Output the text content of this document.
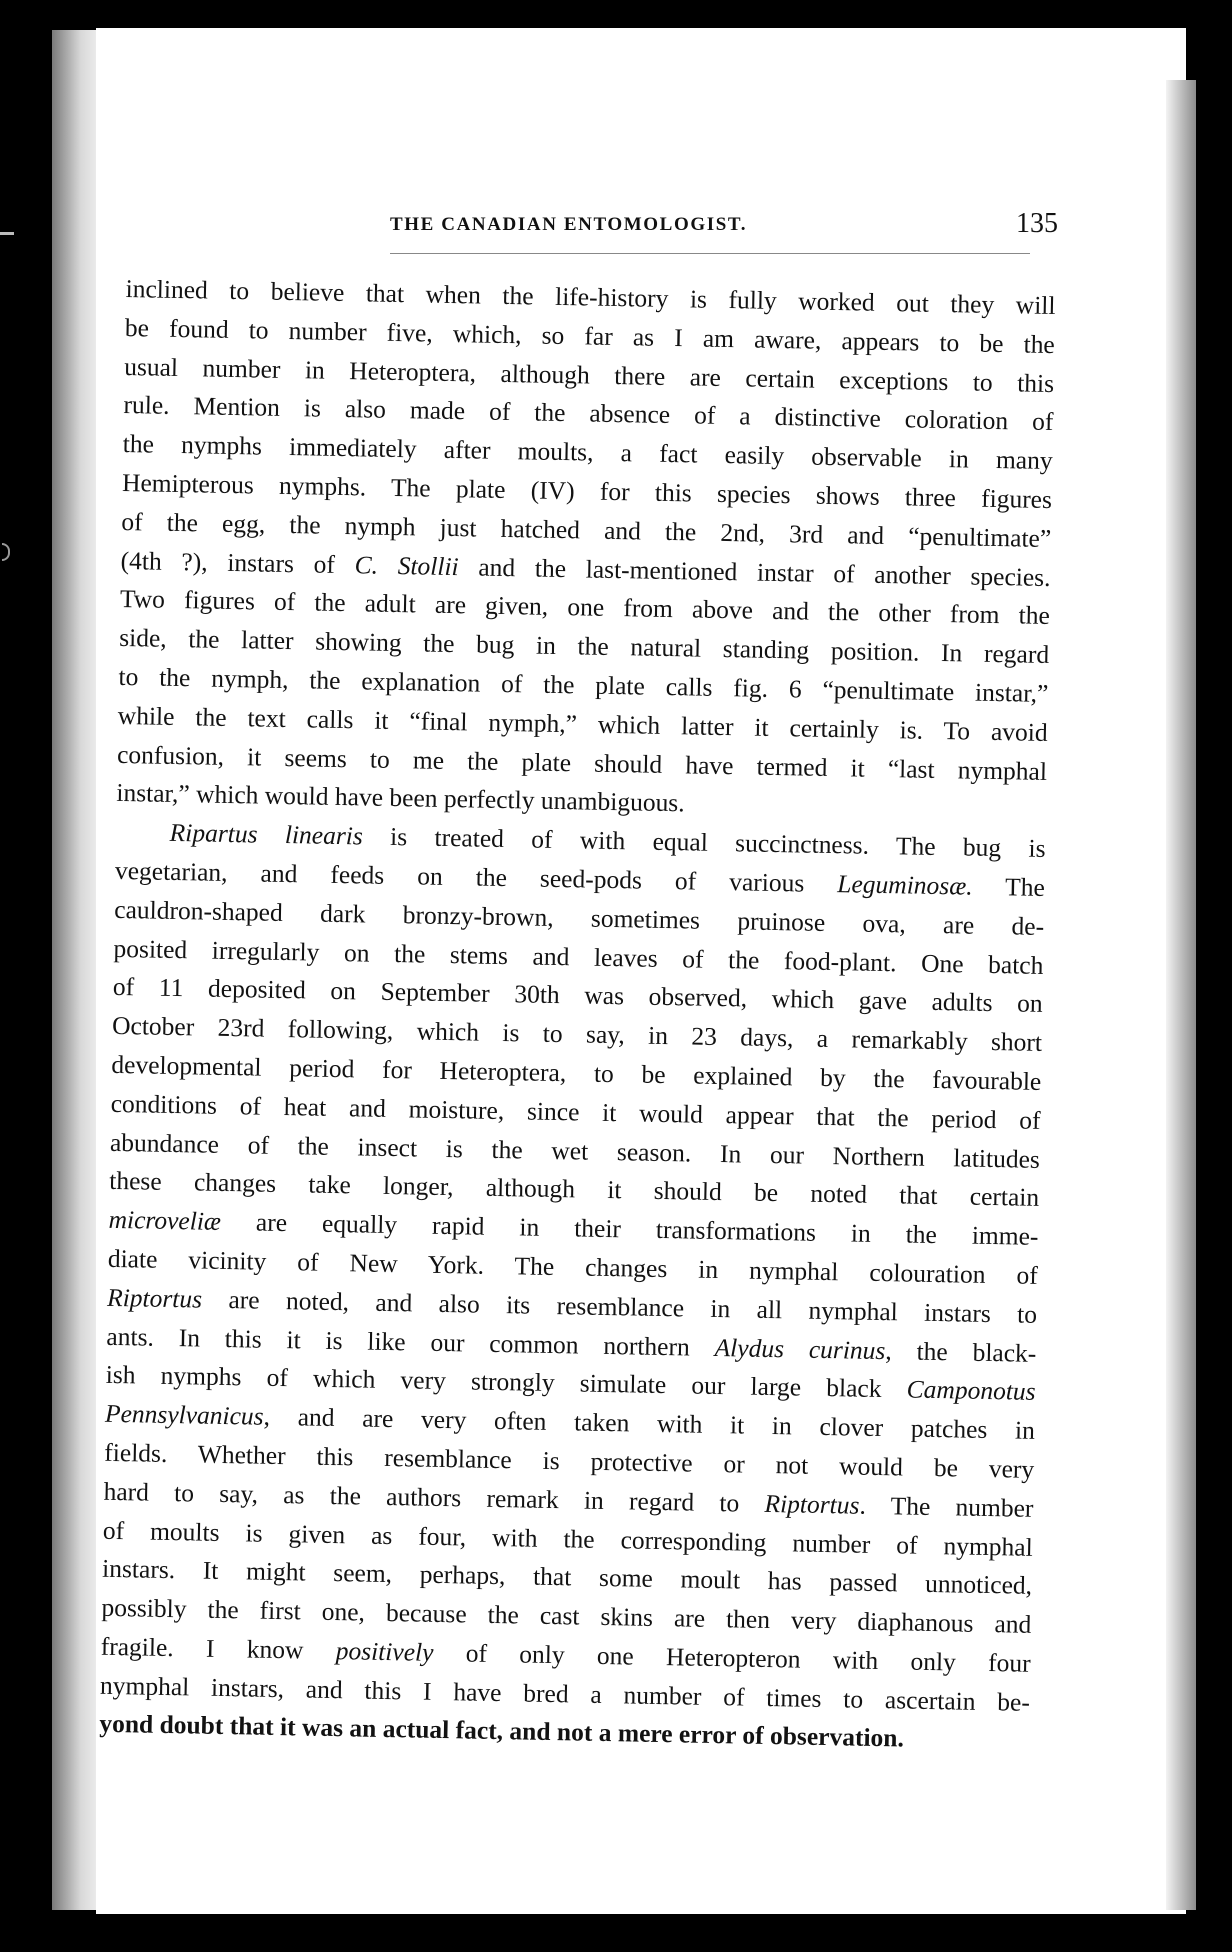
THE CANADIAN ENTOMOLOGIST.	135
inclined to believe that when the life-history is fully worked out they will
be found to number five, which, so far as I am aware, appears to be the
usual number in Heteroptera, although there are certain exceptions to this
rule. Mention is also made of the absence of a distinctive coloration of
the nymphs immediately after moults, a fact easily observable in many
Hemipterous nymphs. The plate (IV) for this species shows three figures
of the egg, the nymph just hatched and the 2nd, 3rd and “penultimate”
(4th ?), instars of C. Stollii and the last-mentioned instar of another species.
Two figures of the adult are given, one from above and the other from the
side, the latter showing the bug in the natural standing position. In regard
to the nymph, the explanation of the plate calls fig. 6 “penultimate instar,”
while the text calls it “final nymph,” which latter it certainly is. To avoid
confusion, it seems to me the plate should have termed it “last nymphal
instar,” which would have been perfectly unambiguous.
Ripartus linearis is treated of with equal succinctness. The bug is
vegetarian, and feeds on the seed-pods of various Leguminosæ. The
cauldron-shaped dark bronzy-brown, sometimes pruinose ova, are de-
posited irregularly on the stems and leaves of the food-plant. One batch
of 11 deposited on September 30th was observed, which gave adults on
October 23rd following, which is to say, in 23 days, a remarkably short
developmental period for Heteroptera, to be explained by the favourable
conditions of heat and moisture, since it would appear that the period of
abundance of the insect is the wet season. In our Northern latitudes
these changes take longer, although it should be noted that certain
microveliæ are equally rapid in their transformations in the imme-
diate vicinity of New York. The changes in nymphal colouration of
Riptortus are noted, and also its resemblance in all nymphal instars to
ants. In this it is like our common northern Alydus curinus, the black-
ish nymphs of which very strongly simulate our large black Camponotus
Pennsylvanicus, and are very often taken with it in clover patches in
fields. Whether this resemblance is protective or not would be very
hard to say, as the authors remark in regard to Riptortus. The number
of moults is given as four, with the corresponding number of nymphal
instars. It might seem, perhaps, that some moult has passed unnoticed,
possibly the first one, because the cast skins are then very diaphanous and
fragile. I know positively of only one Heteropteron with only four
nymphal instars, and this I have bred a number of times to ascertain be-
yond doubt that it was an actual fact, and not a mere error of observation.
